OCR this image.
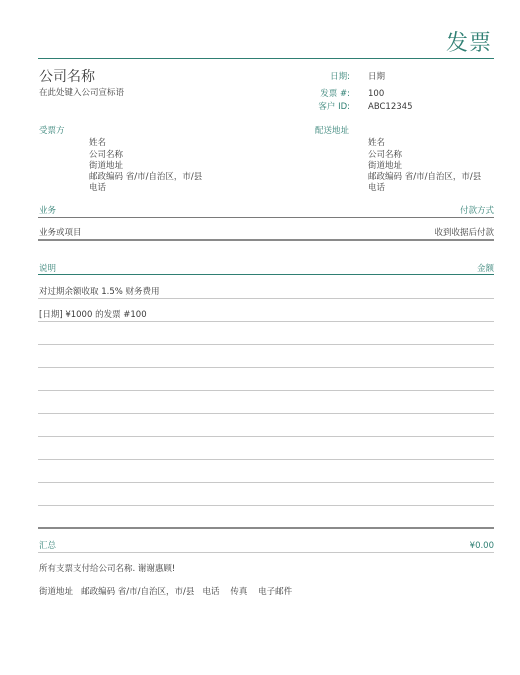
发票
公司名称
在此处键入公司宣标语
日期: 日期
发票 #: 100
客户 ID: ABC12345
受票方
姓名
公司名称
街道地址
邮政编码 省/市/自治区，市/县
电话
配送地址
姓名
公司名称
街道地址
邮政编码 省/市/自治区，市/县
电话
业务	付款方式
业务或项目	收到收据后付款
说明	金额
对过期余额收取 1.5% 财务费用
[日期] ¥1000 的发票 #100
汇总	¥0.00
所有支票支付给公司名称. 谢谢惠顾!
街道地址   邮政编码 省/市/自治区，市/县   电话    传真    电子邮件
